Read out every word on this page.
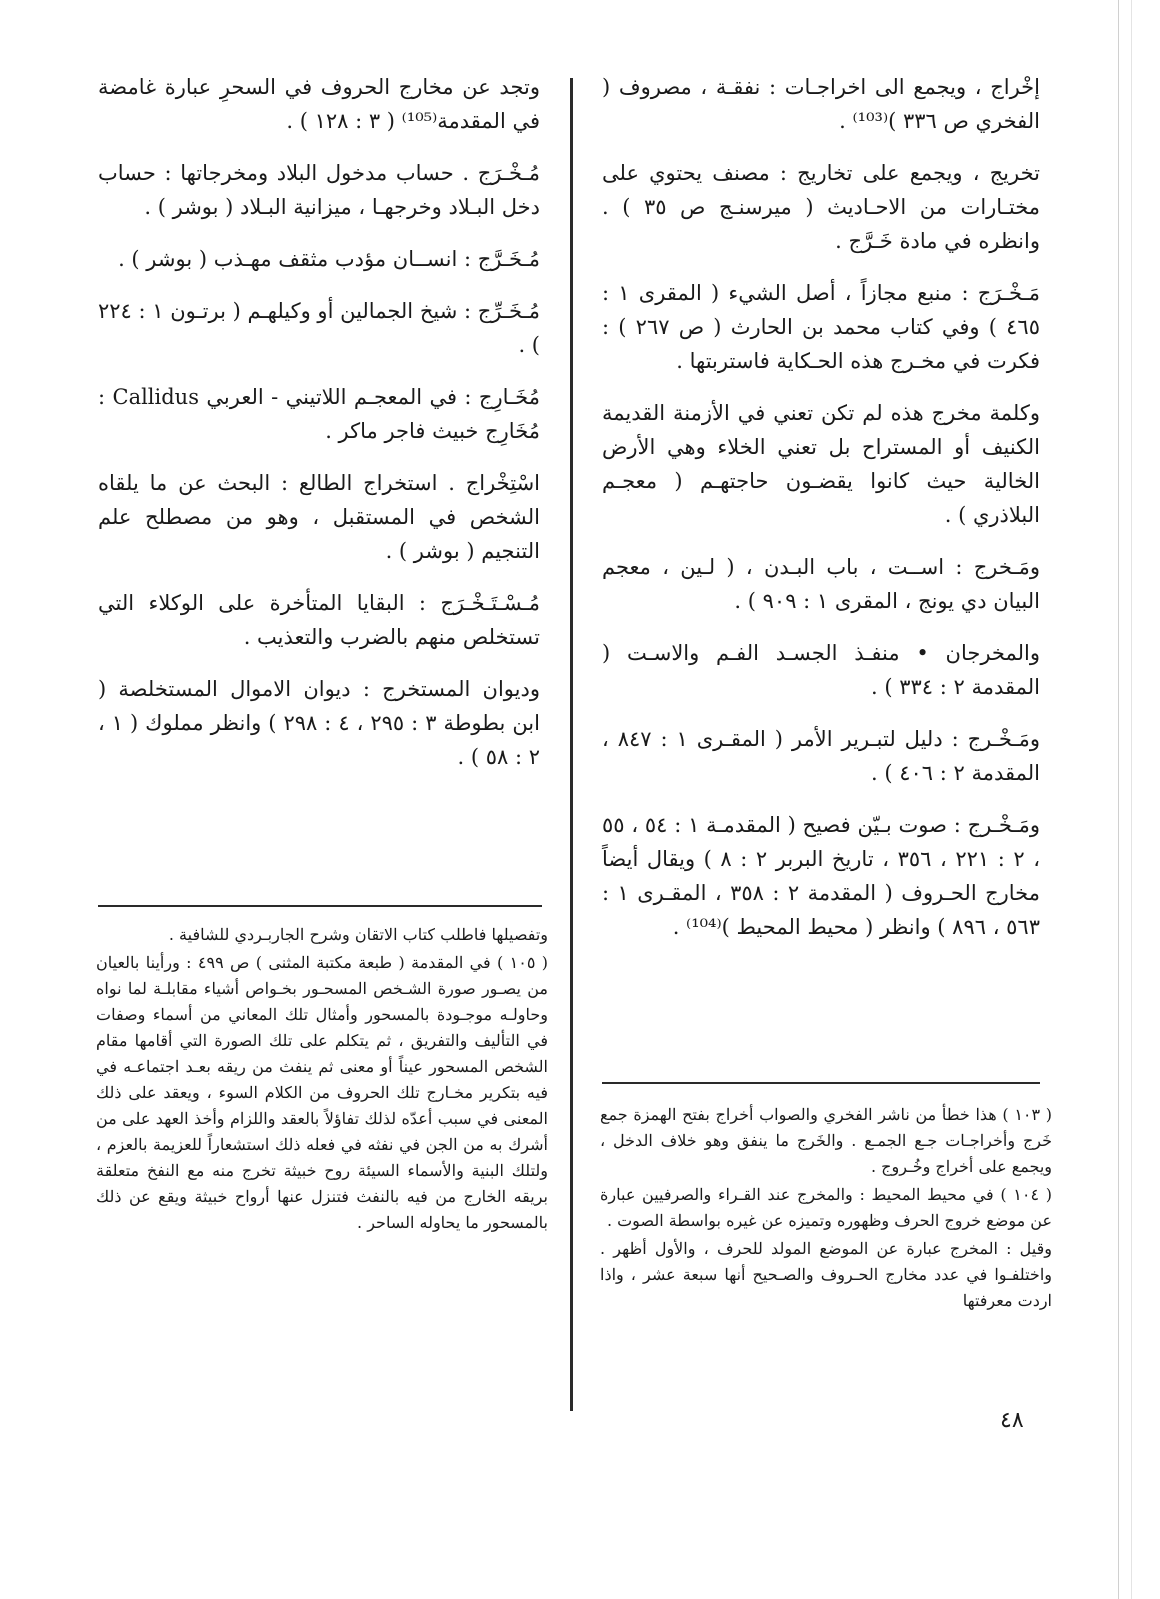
إخْراج ، ويجمع الى اخراجـات : نفقـة ، مصروف ( الفخري ص ٣٣٦ )⁽¹⁰³⁾ .

تخريج ، ويجمع على تخاريج : مصنف يحتوي على مختـارات من الاحـاديث ( ميرسنـج ص ٣٥ ) . وانظره في مادة خَـرَّج .

مَـخْـرَج : منبع مجازاً ، أصل الشيء ( المقرى ١ : ٤٦٥ ) وفي كتاب محمد بن الحارث ( ص ٢٦٧ ) : فكرت في مخـرج هذه الحـكاية فاستربتها .

وكلمة مخرج هذه لم تكن تعني في الأزمنة القديمة الكنيف أو المستراح بل تعني الخلاء وهي الأرض الخالية حيث كانوا يقضـون حاجتهـم ( معجـم البلاذري ) .

ومَـخرج : اســت ، باب البـدن ، ( لـين ، معجم البيان دي يونج ، المقرى ١ : ٩٠٩ ) .

والمخرجان • منفـذ الجسـد الفـم والاسـت ( المقدمة ٢ : ٣٣٤ ) .

ومَـخْـرج : دليل لتبـرير الأمر ( المقـرى ١ : ٨٤٧ ، المقدمة ٢ : ٤٠٦ ) .

ومَـخْـرج : صوت بـيّن فصيح ( المقدمـة ١ : ٥٤ ، ٥٥ ، ٢ : ٢٢١ ، ٣٥٦ ، تاريخ البربر ٢ : ٨ ) ويقال أيضاً مخارج الحـروف ( المقدمة ٢ : ٣٥٨ ، المقـرى ١ : ٥٦٣ ، ٨٩٦ ) وانظر ( محيط المحيط )⁽¹⁰⁴⁾ .

وتجد عن مخارج الحروف في السحرِ عبارة غامضة في المقدمة⁽¹⁰⁵⁾ ( ٣ : ١٢٨ ) .

مُـخْـرَج . حساب مدخول البلاد ومخرجاتها : حساب دخل البـلاد وخرجهـا ، ميزانية البـلاد ( بوشر ) .

مُـخَـرَّج : انســان مؤدب مثقف مهـذب ( بوشر ) .

مُـخَـرِّج : شيخ الجمالين أو وكيلهـم ( برتـون ١ : ٢٢٤ ) .

مُخَـارِج : في المعجـم اللاتيني - العربي Callidus : مُخَارِج خبيث فاجر ماكر .

اسْتِخْراج . استخراج الطالع : البحث عن ما يلقاه الشخص في المستقبل ، وهو من مصطلح علم التنجيم ( بوشر ) .

مُـسْـتَـخْـرَج : البقايا المتأخرة على الوكلاء التي تستخلص منهم بالضرب والتعذيب .

وديوان المستخرج : ديوان الاموال المستخلصة ( ابن بطوطة ٣ : ٢٩٥ ، ٤ : ٢٩٨ ) وانظر مملوك ( ١ ، ٢ : ٥٨ ) .

( ١٠٣ ) هذا خطأ من ناشر الفخري والصواب أخراج بفتح الهمزة جمع خَرج وأخراجـات جـع الجمـع . والخَرج ما ينفق وهو خلاف الدخل ، ويجمع على أخراج وخُـروج .

( ١٠٤ ) في محيط المحيط : والمخرج عند القـراء والصرفيين عبارة عن موضع خروج الحرف وظهوره وتميزه عن غيره بواسطة الصوت .

وقيل : المخرج عبارة عن الموضع المولد للحرف ، والأول أظهر . واختلفـوا في عدد مخارج الحـروف والصـحيح أنها سبعة عشر ، واذا اردت معرفتها

وتفصيلها فاطلب كتاب الاتقان وشرح الجاربـردي للشافية .

( ١٠٥ ) في المقدمة ( طبعة مكتبة المثنى ) ص ٤٩٩ : ورأينا بالعيان من يصـور صورة الشـخص المسحـور بخـواص أشياء مقابلـة لما نواه وحاولـه موجـودة بالمسحور وأمثال تلك المعاني من أسماء وصفات في التأليف والتفريق ، ثم يتكلم على تلك الصورة التي أقامها مقام الشخص المسحور عيناً أو معنى ثم ينفث من ريقه بعـد اجتماعـه في فيه بتكرير مخـارج تلك الحروف من الكلام السوء ، ويعقد على ذلك المعنى في سبب أعدّه لذلك تفاؤلاً بالعقد واللزام وأخذ العهد على من أشرك به من الجن في نفثه في فعله ذلك استشعاراً للعزيمة بالعزم ، ولتلك البنية والأسماء السيئة روح خبيثة تخرج منه مع النفخ متعلقة بريقه الخارج من فيه بالنفث فتنزل عنها أرواح خبيثة ويقع عن ذلك بالمسحور ما يحاوله الساحر .

٤٨
